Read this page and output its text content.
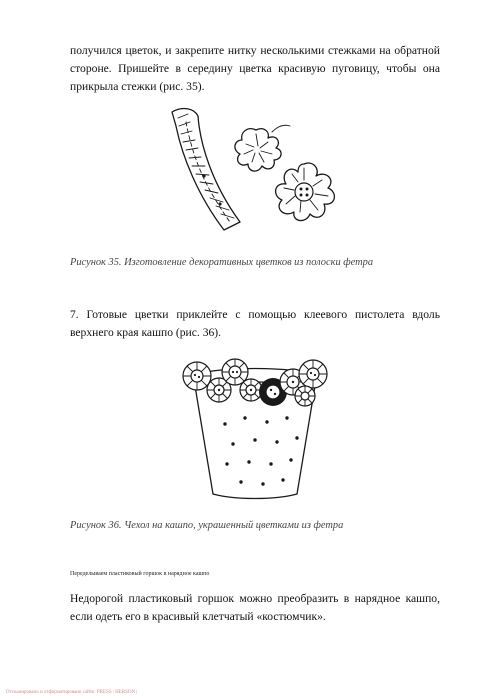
получился цветок, и закрепите нитку несколькими стежками на обратной стороне. Пришейте в середину цветка красивую пуговицу, чтобы она прикрыла стежки (рис. 35).

Рисунок 35. Изготовление декоративных цветков из полоски фетра

7. Готовые цветки приклейте с помощью клеевого пистолета вдоль верхнего края кашпо (рис. 36).

Рисунок 36. Чехол на кашпо, украшенный цветками из фетра
Переделываем пластиковый горшок в нарядное кашпо

Недорогой пластиковый горшок можно преобразить в нарядное кашпо, если одеть его в красивый клетчатый «костюмчик».

Отсканировано и отформатировано сайте: PRESS | HERSON |
